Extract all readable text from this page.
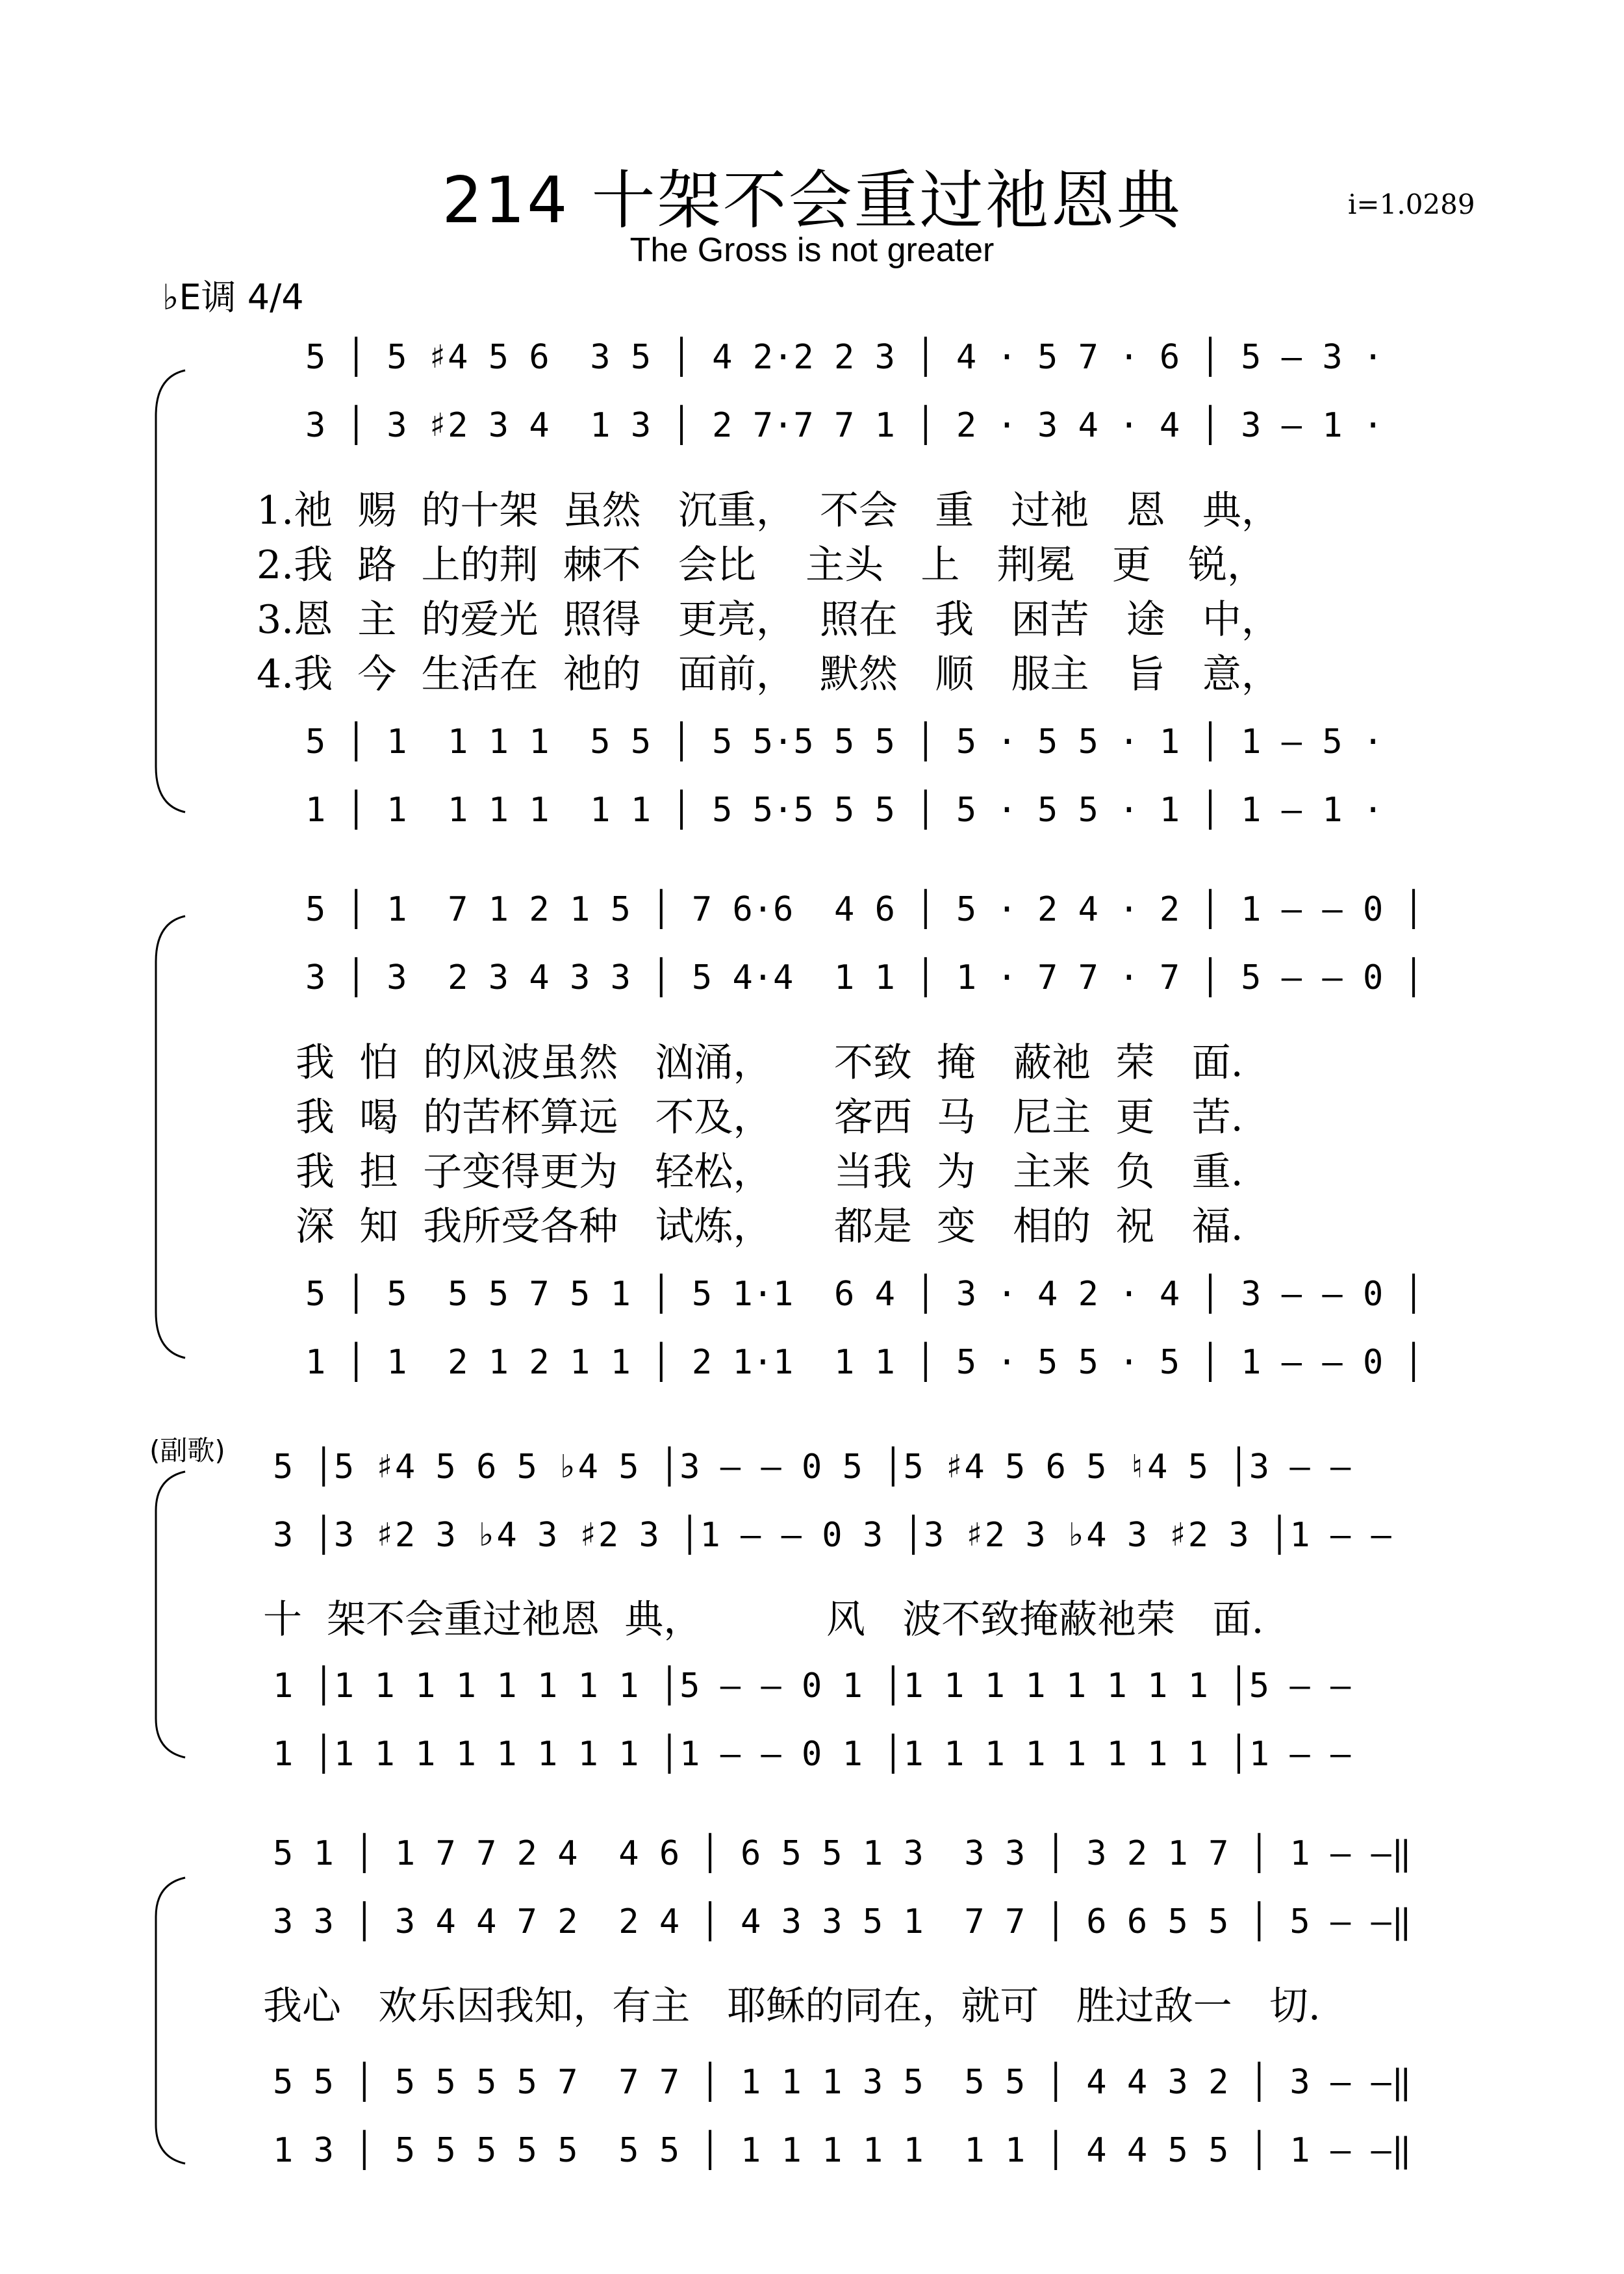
214 十架不会重过祂恩典
The Gross is not greater
i=1.0289
♭E调 4/4
(副歌)
5 │ 5 ♯4 5 6  3 5 │ 4 2·2 2 3 │ 4 · 5 7 · 6 │ 5 — 3 ·
3 │ 3 ♯2 3 4  1 3 │ 2 7·7 7 1 │ 2 · 3 4 · 4 │ 3 — 1 ·
1.祂  赐  的十架  虽然   沉重，  不会   重   过祂   恩   典，
2.我  路  上的荆  棘不   会比    主头   上   荆冕   更   锐，
3.恩  主  的爱光  照得   更亮，  照在   我   困苦   途   中，
4.我  今  生活在  祂的   面前，  默然   顺   服主   旨   意，
5 │ 1  1 1 1  5 5 │ 5 5·5 5 5 │ 5 · 5 5 · 1 │ 1 — 5 ·
1 │ 1  1 1 1  1 1 │ 5 5·5 5 5 │ 5 · 5 5 · 1 │ 1 — 1 ·
5 │ 1  7 1 2 1 5 │ 7 6·6  4 6 │ 5 · 2 4 · 2 │ 1 — — 0 │
3 │ 3  2 3 4 3 3 │ 5 4·4  1 1 │ 1 · 7 7 · 7 │ 5 — — 0 │
我  怕  的风波虽然   汹涌，     不致  掩   蔽祂  荣   面.
我  喝  的苦杯算远   不及，     客西  马   尼主  更   苦.
我  担  子变得更为   轻松，     当我  为   主来  负   重.
深  知  我所受各种   试炼，     都是  变   相的  祝   福.
5 │ 5  5 5 7 5 1 │ 5 1·1  6 4 │ 3 · 4 2 · 4 │ 3 — — 0 │
1 │ 1  2 1 2 1 1 │ 2 1·1  1 1 │ 5 · 5 5 · 5 │ 1 — — 0 │
5 │5 ♯4 5 6 5 ♭4 5 │3 — — 0 5 │5 ♯4 5 6 5 ♮4 5 │3 — —
3 │3 ♯2 3 ♭4 3 ♯2 3 │1 — — 0 3 │3 ♯2 3 ♭4 3 ♯2 3 │1 — —
十  架不会重过祂恩  典，          风   波不致掩蔽祂荣   面.
1 │1 1 1 1 1 1 1 1 │5 — — 0 1 │1 1 1 1 1 1 1 1 │5 — —
1 │1 1 1 1 1 1 1 1 │1 — — 0 1 │1 1 1 1 1 1 1 1 │1 — —
5 1 │ 1 7 7 2 4  4 6 │ 6 5 5 1 3  3 3 │ 3 2 1 7 │ 1 — —‖
3 3 │ 3 4 4 7 2  2 4 │ 4 3 3 5 1  7 7 │ 6 6 5 5 │ 5 — —‖
我心   欢乐因我知，有主   耶稣的同在，就可   胜过敌一   切.
5 5 │ 5 5 5 5 7  7 7 │ 1 1 1 3 5  5 5 │ 4 4 3 2 │ 3 — —‖
1 3 │ 5 5 5 5 5  5 5 │ 1 1 1 1 1  1 1 │ 4 4 5 5 │ 1 — —‖
